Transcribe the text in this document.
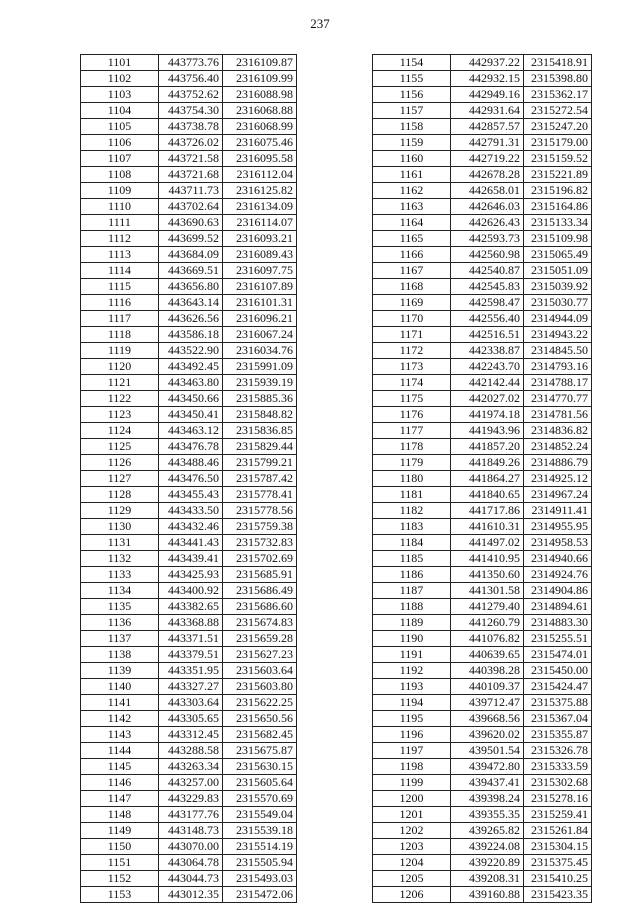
237
1101	443773.76	2316109.87
1102	443756.40	2316109.99
1103	443752.62	2316088.98
1104	443754.30	2316068.88
1105	443738.78	2316068.99
1106	443726.02	2316075.46
1107	443721.58	2316095.58
1108	443721.68	2316112.04
1109	443711.73	2316125.82
1110	443702.64	2316134.09
1111	443690.63	2316114.07
1112	443699.52	2316093.21
1113	443684.09	2316089.43
1114	443669.51	2316097.75
1115	443656.80	2316107.89
1116	443643.14	2316101.31
1117	443626.56	2316096.21
1118	443586.18	2316067.24
1119	443522.90	2316034.76
1120	443492.45	2315991.09
1121	443463.80	2315939.19
1122	443450.66	2315885.36
1123	443450.41	2315848.82
1124	443463.12	2315836.85
1125	443476.78	2315829.44
1126	443488.46	2315799.21
1127	443476.50	2315787.42
1128	443455.43	2315778.41
1129	443433.50	2315778.56
1130	443432.46	2315759.38
1131	443441.43	2315732.83
1132	443439.41	2315702.69
1133	443425.93	2315685.91
1134	443400.92	2315686.49
1135	443382.65	2315686.60
1136	443368.88	2315674.83
1137	443371.51	2315659.28
1138	443379.51	2315627.23
1139	443351.95	2315603.64
1140	443327.27	2315603.80
1141	443303.64	2315622.25
1142	443305.65	2315650.56
1143	443312.45	2315682.45
1144	443288.58	2315675.87
1145	443263.34	2315630.15
1146	443257.00	2315605.64
1147	443229.83	2315570.69
1148	443177.76	2315549.04
1149	443148.73	2315539.18
1150	443070.00	2315514.19
1151	443064.78	2315505.94
1152	443044.73	2315493.03
1153	443012.35	2315472.06
1154	442937.22	2315418.91
1155	442932.15	2315398.80
1156	442949.16	2315362.17
1157	442931.64	2315272.54
1158	442857.57	2315247.20
1159	442791.31	2315179.00
1160	442719.22	2315159.52
1161	442678.28	2315221.89
1162	442658.01	2315196.82
1163	442646.03	2315164.86
1164	442626.43	2315133.34
1165	442593.73	2315109.98
1166	442560.98	2315065.49
1167	442540.87	2315051.09
1168	442545.83	2315039.92
1169	442598.47	2315030.77
1170	442556.40	2314944.09
1171	442516.51	2314943.22
1172	442338.87	2314845.50
1173	442243.70	2314793.16
1174	442142.44	2314788.17
1175	442027.02	2314770.77
1176	441974.18	2314781.56
1177	441943.96	2314836.82
1178	441857.20	2314852.24
1179	441849.26	2314886.79
1180	441864.27	2314925.12
1181	441840.65	2314967.24
1182	441717.86	2314911.41
1183	441610.31	2314955.95
1184	441497.02	2314958.53
1185	441410.95	2314940.66
1186	441350.60	2314924.76
1187	441301.58	2314904.86
1188	441279.40	2314894.61
1189	441260.79	2314883.30
1190	441076.82	2315255.51
1191	440639.65	2315474.01
1192	440398.28	2315450.00
1193	440109.37	2315424.47
1194	439712.47	2315375.88
1195	439668.56	2315367.04
1196	439620.02	2315355.87
1197	439501.54	2315326.78
1198	439472.80	2315333.59
1199	439437.41	2315302.68
1200	439398.24	2315278.16
1201	439355.35	2315259.41
1202	439265.82	2315261.84
1203	439224.08	2315304.15
1204	439220.89	2315375.45
1205	439208.31	2315410.25
1206	439160.88	2315423.35
